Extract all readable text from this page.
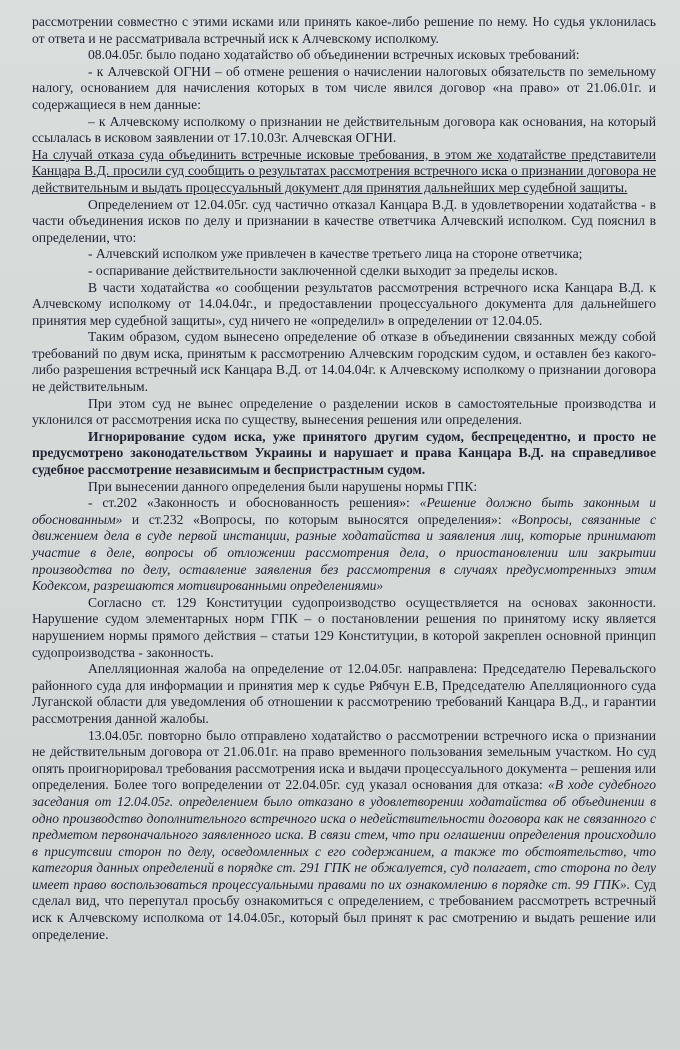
рассмотрении совместно с этими исками или принять какое-либо решение по нему. Но судья уклонилась от ответа и не рассматривала встречный иск к Алчевскому исполкому.

08.04.05г. было подано ходатайство об объединении встречных исковых требований:

- к Алчевской ОГНИ – об отмене решения о начислении налоговых обязательств по земельному налогу, основанием для начисления которых в том числе явился договор «на право» от 21.06.01г. и содержащиеся в нем данные:

– к Алчевскому исполкому о признании не действительным договора как основания, на который ссылалась в исковом заявлении от 17.10.03г. Алчевская ОГНИ.

На случай отказа суда объединить встречные исковые требования, в этом же ходатайстве представители Канцара В.Д. просили суд сообщить о результатах рассмотрения встречного иска о признании договора не действительным и выдать процессуальный документ для принятия дальнейших мер судебной защиты.

Определением от 12.04.05г. суд частично отказал Канцара В.Д. в удовлетворении ходатайства - в части объединения исков по делу и признании в качестве ответчика Алчевский исполком. Суд пояснил в определении, что:

- Алчевский исполком уже привлечен в качестве третьего лица на стороне ответчика;

- оспаривание действительности заключенной сделки выходит за пределы исков.

В части ходатайства «о сообщении результатов рассмотрения встречного иска Канцара В.Д. к Алчевскому исполкому от 14.04.04г., и предоставлении процессуального документа для дальнейшего принятия мер судебной защиты», суд ничего не «определил» в определении от 12.04.05.

Таким образом, судом вынесено определение об отказе в объединении связанных между собой требований по двум иска, принятым к рассмотрению Алчевским городским судом, и оставлен без какого-либо разрешения встречный иск Канцара В.Д. от 14.04.04г. к Алчевскому исполкому о признании договора не действительным.

При этом суд не вынес определение о разделении исков в самостоятельные производства и уклонился от рассмотрения иска по существу, вынесения решения или определения.

Игнорирование судом иска, уже принятого другим судом, беспрецедентно, и просто не предусмотрено законодательством Украины и нарушает и права Канцара В.Д. на справедливое судебное рассмотрение независимым и беспристрастным судом.

При вынесении данного определения были нарушены нормы ГПК:

- ст.202 «Законность и обоснованность решения»: «Решение должно быть законным и обоснованным» и ст.232 «Вопросы, по которым выносятся определения»: «Вопросы, связанные с движением дела в суде первой инстанции, разные ходатайства и заявления лиц, которые принимают участие в деле, вопросы об отложении рассмотрения дела, о приостановлении или закрытии производства по делу, оставление заявления без рассмотрения в случаях предусмотренныхз этим Кодексом, разрешаются мотивированными определениями»

Согласно ст. 129 Конституции судопроизводство осуществляется на основах законности. Нарушение судом элементарных норм ГПК – о постановлении решения по принятому иску является нарушением нормы прямого действия – статьи 129 Конституции, в которой закреплен основной принцип судопроизводства - законность.

Апелляционная жалоба на определение от 12.04.05г. направлена: Председателю Перевальского районного суда для информации и принятия мер к судье Рябчун Е.В, Председателю Апелляционного суда Луганской области для уведомления об отношении к рассмотрению требований Канцара В.Д., и гарантии рассмотрения данной жалобы.

13.04.05г. повторно было отправлено ходатайство о рассмотрении встречного иска о признании не действительным договора от 21.06.01г. на право временного пользования земельным участком. Но суд опять проигнорировал требования рассмотрения иска и выдачи процессуального документа – решения или определения. Более того вопределении от 22.04.05г. суд указал основания для отказа: «В ходе судебного заседания от 12.04.05г. определением было отказано в удовлетворении ходатайства об объединении в одно производство дополнительного встречного иска о недействительности договора как не связанного с предметом первоначального заявленного иска. В связи стем, что при оглашении определения происходило в присутсвии сторон по делу, осведомленных с его содержанием, а также то обстоятельство, что категория данных определений в порядке ст. 291 ГПК не обжалуется, суд полагает, сто сторона по делу имеет право воспользоваться процессуальными правами по их ознакомлению в порядке ст. 99 ГПК». Суд сделал вид, что перепутал просьбу ознакомиться с определением, с требованием рассмотреть встречный иск к Алчевскому исполкома от 14.04.05г., который был принят к рас смотрению и выдать решение или определение.
